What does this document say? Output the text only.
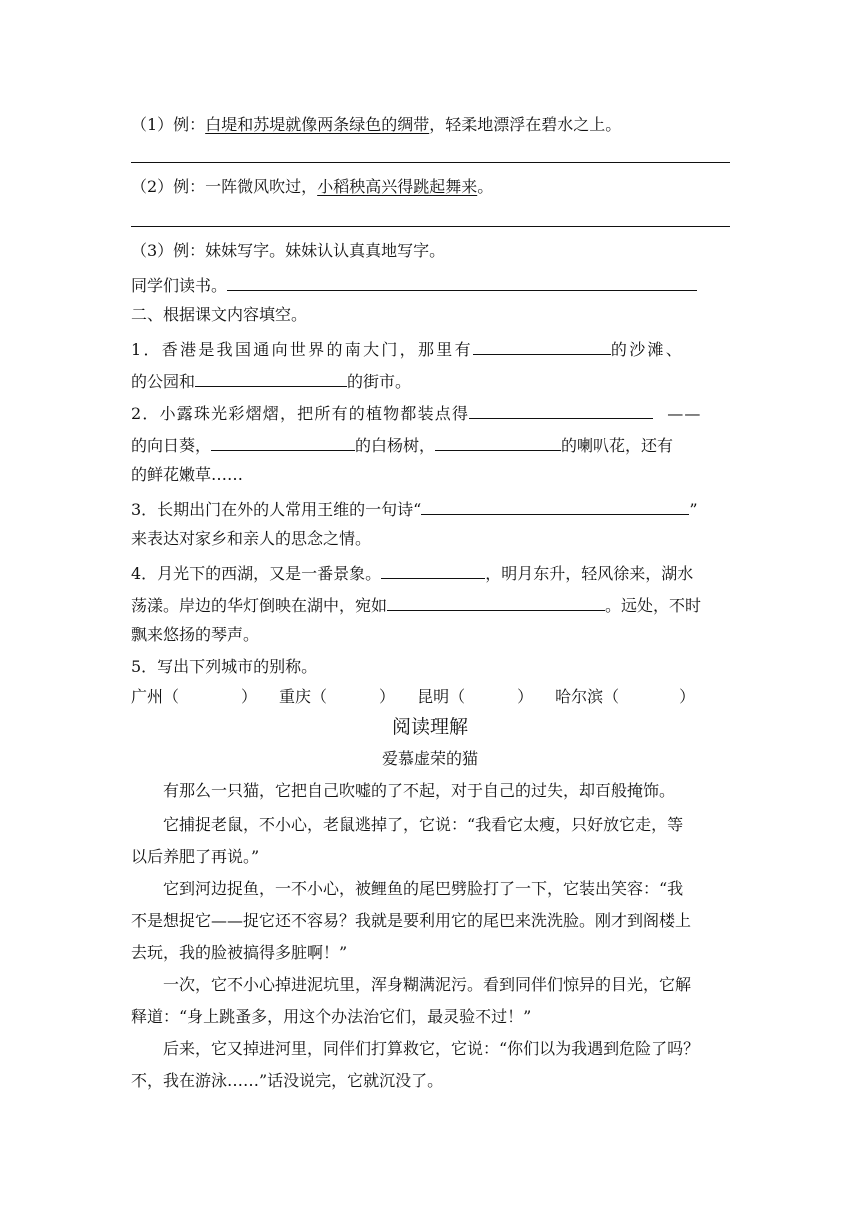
（1）例：白堤和苏堤就像两条绿色的绸带，轻柔地漂浮在碧水之上。
（2）例：一阵微风吹过，小稻秧高兴得跳起舞来。
（3）例：妹妹写字。妹妹认认真真地写字。
同学们读书。
二、根据课文内容填空。
1．香港是我国通向世界的南大门，那里有	的沙滩、
的公园和	的街市。
2．小露珠光彩熠熠，把所有的植物都装点得	——
的向日葵，	的白杨树，	的喇叭花，还有
的鲜花嫩草……
3．长期出门在外的人常用王维的一句诗“	”
来表达对家乡和亲人的思念之情。
4．月光下的西湖，又是一番景象。	，明月东升，轻风徐来，湖水
荡漾。岸边的华灯倒映在湖中，宛如	。远处，不时
飘来悠扬的琴声。
5．写出下列城市的别称。
广州（	） 重庆（	） 昆明（	） 哈尔滨（	）
阅读理解
爱慕虚荣的猫
有那么一只猫，它把自己吹嘘的了不起，对于自己的过失，却百般掩饰。
它捕捉老鼠，不小心，老鼠逃掉了，它说：“我看它太瘦，只好放它走，等
以后养肥了再说。”
它到河边捉鱼，一不小心，被鲤鱼的尾巴劈脸打了一下，它装出笑容：“我
不是想捉它——捉它还不容易？我就是要利用它的尾巴来洗洗脸。刚才到阁楼上
去玩，我的脸被搞得多脏啊！”
一次，它不小心掉进泥坑里，浑身糊满泥污。看到同伴们惊异的目光，它解
释道：“身上跳蚤多，用这个办法治它们，最灵验不过！”
后来，它又掉进河里，同伴们打算救它，它说：“你们以为我遇到危险了吗？
不，我在游泳……”话没说完，它就沉没了。
